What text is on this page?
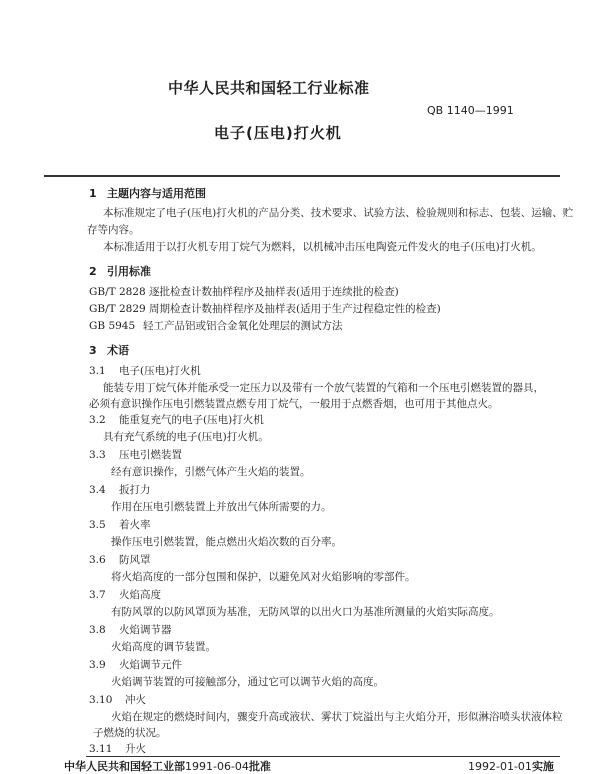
中华人民共和国轻工行业标准
QB 1140—1991
电子(压电)打火机
1 主题内容与适用范围
本标准规定了电子(压电)打火机的产品分类、技术要求、试验方法、检验规则和标志、包装、运输、贮
存等内容。
本标准适用于以打火机专用丁烷气为燃料，以机械冲击压电陶瓷元件发火的电子(压电)打火机。
2 引用标准
GB/T 2828 逐批检查计数抽样程序及抽样表(适用于连续批的检查)
GB/T 2829 周期检查计数抽样程序及抽样表(适用于生产过程稳定性的检查)
GB 5945 轻工产品铝或铝合金氧化处理层的测试方法
3 术语
3.1 电子(压电)打火机
能装专用丁烷气体并能承受一定压力以及带有一个放气装置的气箱和一个压电引燃装置的器具，
必须有意识操作压电引燃装置点燃专用丁烷气，一般用于点燃香烟，也可用于其他点火。
3.2 能重复充气的电子(压电)打火机
具有充气系统的电子(压电)打火机。
3.3 压电引燃装置
经有意识操作，引燃气体产生火焰的装置。
3.4 扳打力
作用在压电引燃装置上并放出气体所需要的力。
3.5 着火率
操作压电引燃装置，能点燃出火焰次数的百分率。
3.6 防风罩
将火焰高度的一部分包围和保护，以避免风对火焰影响的零部件。
3.7 火焰高度
有防风罩的以防风罩顶为基准，无防风罩的以出火口为基准所测量的火焰实际高度。
3.8 火焰调节器
火焰高度的调节装置。
3.9 火焰调节元件
火焰调节装置的可接触部分，通过它可以调节火焰的高度。
3.10 冲火
火焰在规定的燃烧时间内，骤变升高或液状、雾状丁烷溢出与主火焰分开，形似淋浴喷头状液体粒
子燃烧的状况。
3.11 升火
中华人民共和国轻工业部1991-06-04批准	1992-01-01实施
